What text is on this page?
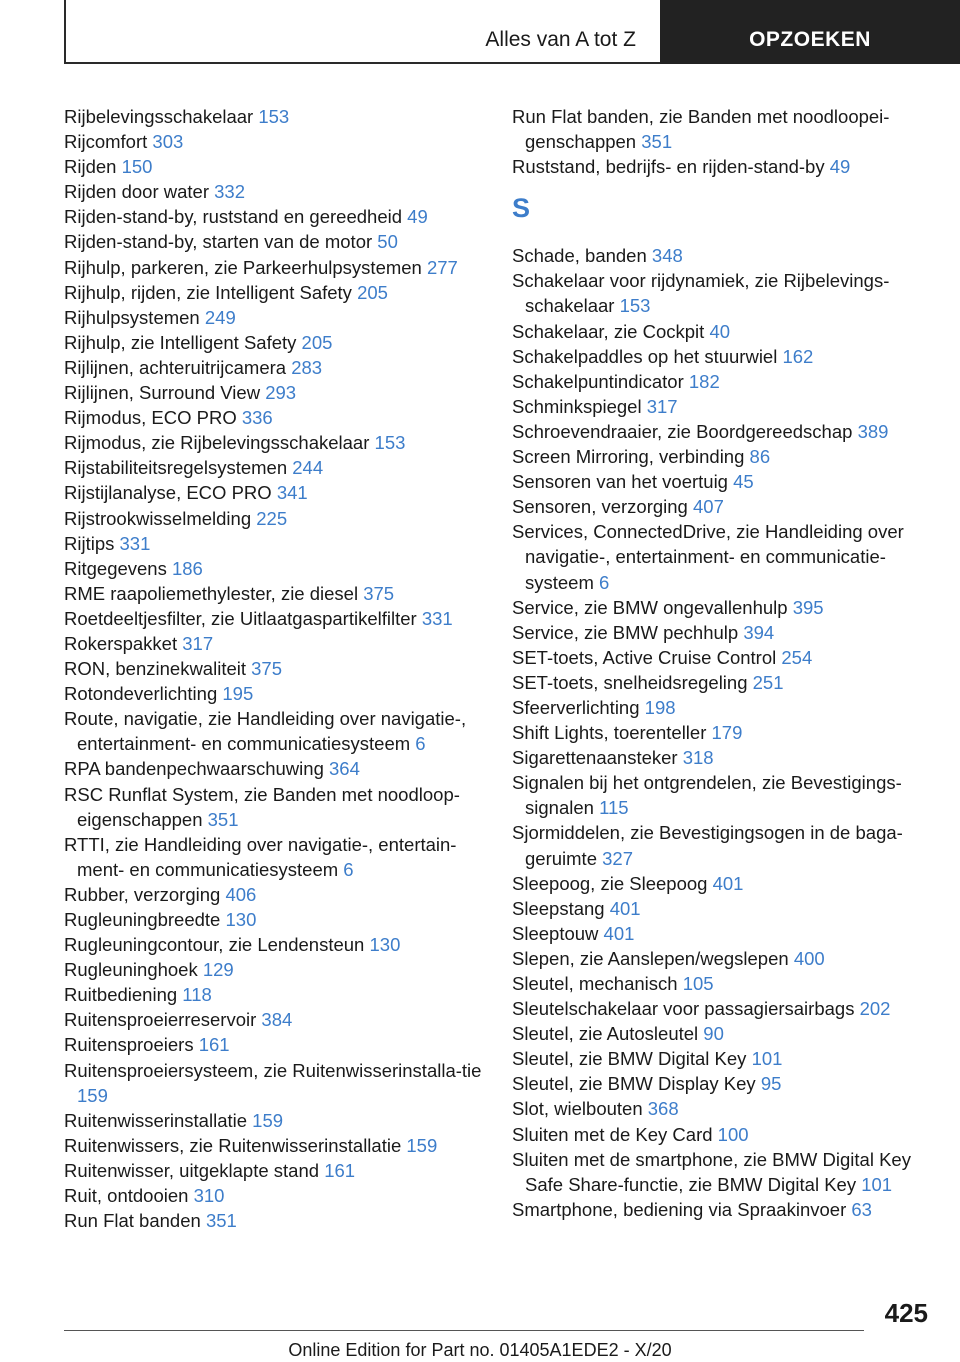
Alles van A tot Z	OPZOEKEN
Rijbelevingsschakelaar 153
Rijcomfort 303
Rijden 150
Rijden door water 332
Rijden-stand-by, ruststand en gereedheid 49
Rijden-stand-by, starten van de motor 50
Rijhulp, parkeren, zie Parkeerhulpsystemen 277
Rijhulp, rijden, zie Intelligent Safety 205
Rijhulpsystemen 249
Rijhulp, zie Intelligent Safety 205
Rijlijnen, achteruitrijcamera 283
Rijlijnen, Surround View 293
Rijmodus, ECO PRO 336
Rijmodus, zie Rijbelevingsschakelaar 153
Rijstabiliteitsregelsystemen 244
Rijstijlanalyse, ECO PRO 341
Rijstrookwisselmelding 225
Rijtips 331
Ritgegevens 186
RME raapoliemethylester, zie diesel 375
Roetdeeltjesfilter, zie Uitlaatgaspartikelfilter 331
Rokerspakket 317
RON, benzinekwaliteit 375
Rotondeverlichting 195
Route, navigatie, zie Handleiding over navigatie-, entertainment- en communicatiesysteem 6
RPA bandenpechwaarschuwing 364
RSC Runflat System, zie Banden met noodloop-eigenschappen 351
RTTI, zie Handleiding over navigatie-, entertain-ment- en communicatiesysteem 6
Rubber, verzorging 406
Rugleuningbreedte 130
Rugleuningcontour, zie Lendensteun 130
Rugleuninghoek 129
Ruitbediening 118
Ruitensproeierreservoir 384
Ruitensproeiers 161
Ruitensproeiersysteem, zie Ruitenwisserinstalla-tie 159
Ruitenwisserinstallatie 159
Ruitenwissers, zie Ruitenwisserinstallatie 159
Ruitenwisser, uitgeklapte stand 161
Ruit, ontdooien 310
Run Flat banden 351
Run Flat banden, zie Banden met noodloopei-genschappen 351
Ruststand, bedrijfs- en rijden-stand-by 49
S
Schade, banden 348
Schakelaar voor rijdynamiek, zie Rijbelevings-schakelaar 153
Schakelaar, zie Cockpit 40
Schakelpaddles op het stuurwiel 162
Schakelpuntindicator 182
Schminkspiegel 317
Schroevendraaier, zie Boordgereedschap 389
Screen Mirroring, verbinding 86
Sensoren van het voertuig 45
Sensoren, verzorging 407
Services, ConnectedDrive, zie Handleiding over navigatie-, entertainment- en communicatie-systeem 6
Service, zie BMW ongevallenhulp 395
Service, zie BMW pechhulp 394
SET-toets, Active Cruise Control 254
SET-toets, snelheidsregeling 251
Sfeerverlichting 198
Shift Lights, toerenteller 179
Sigarettenaansteker 318
Signalen bij het ontgrendelen, zie Bevestigings-signalen 115
Sjormiddelen, zie Bevestigingsogen in de baga-geruimte 327
Sleepoog, zie Sleepoog 401
Sleepstang 401
Sleeptouw 401
Slepen, zie Aanslepen/wegslepen 400
Sleutel, mechanisch 105
Sleutelschakelaar voor passagiersairbags 202
Sleutel, zie Autosleutel 90
Sleutel, zie BMW Digital Key 101
Sleutel, zie BMW Display Key 95
Slot, wielbouten 368
Sluiten met de Key Card 100
Sluiten met de smartphone, zie BMW Digital Key Safe Share-functie, zie BMW Digital Key 101
Smartphone, bediening via Spraakinvoer 63
425
Online Edition for Part no. 01405A1EDE2 - X/20
